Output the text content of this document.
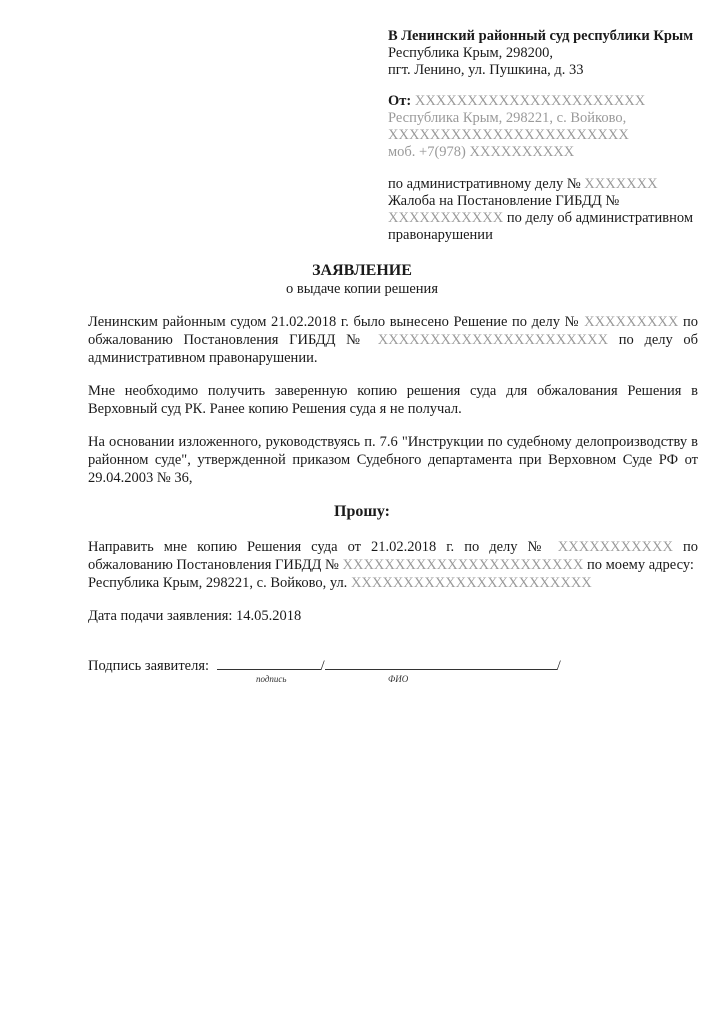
В Ленинский районный суд республики Крым
Республика Крым, 298200,
пгт. Ленино, ул. Пушкина, д. 33
От: XXXXXXXXXXXXXXXXXXXXXX
Республика Крым, 298221, с. Войково,
XXXXXXXXXXXXXXXXXXXXXXX
моб. +7(978) XXXXXXXXXX
по административному делу № XXXXXXX
Жалоба на Постановление ГИБДД №
XXXXXXXXXXX по делу об административном
правонарушении
ЗАЯВЛЕНИЕ
о выдаче копии решения
Ленинским районным судом 21.02.2018 г. было вынесено Решение по делу № XXXXXXXXX по
обжалованию Постановления ГИБДД № XXXXXXXXXXXXXXXXXXXXXX по делу об
административном правонарушении.
Мне необходимо получить заверенную копию решения суда для обжалования Решения в
Верховный суд РК. Ранее копию Решения суда я не получал.
На основании изложенного, руководствуясь п. 7.6 "Инструкции по судебному делопроизводству в
районном суде", утвержденной приказом Судебного департамента при Верховном Суде РФ от
29.04.2003 № 36,
Прошу:
Направить мне копию Решения суда от 21.02.2018 г. по делу № XXXXXXXXXXX по
обжалованию Постановления ГИБДД № XXXXXXXXXXXXXXXXXXXXXXX по моему адресу:
Республика Крым, 298221, с. Войково, ул. XXXXXXXXXXXXXXXXXXXXXXX
Дата подачи заявления: 14.05.2018
Подпись заявителя:	/	/
подпись	ФИО
